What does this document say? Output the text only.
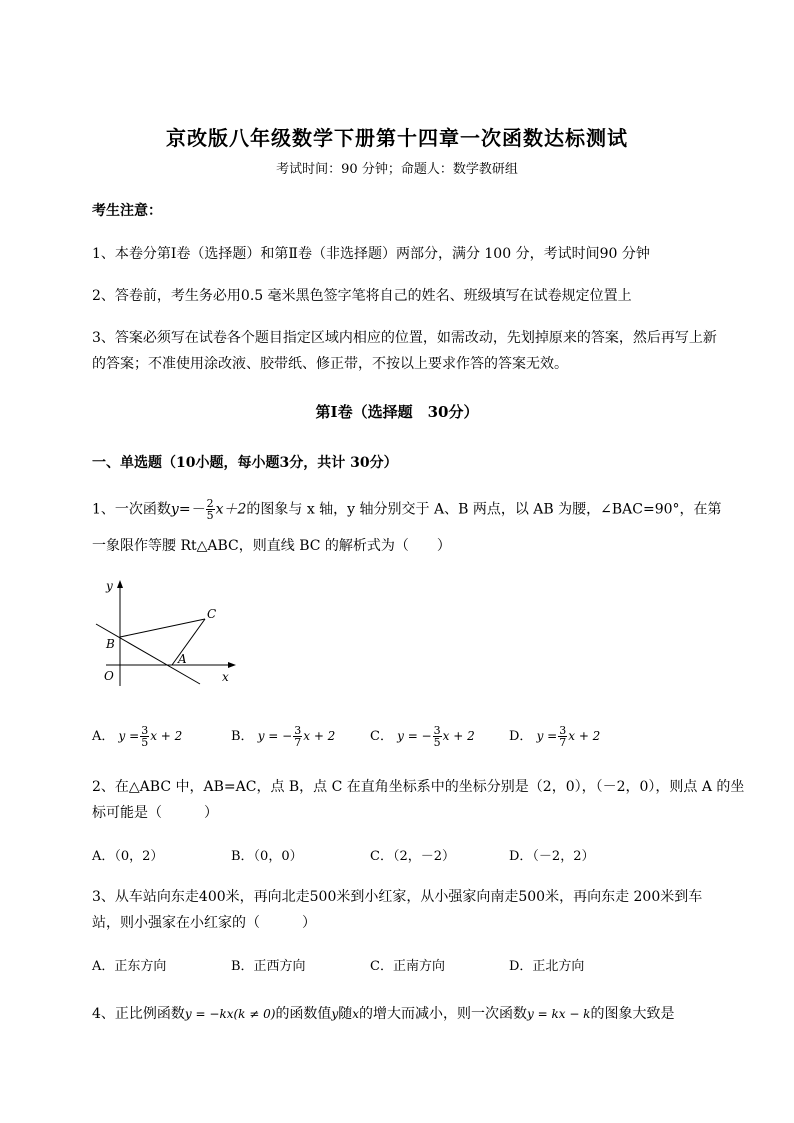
京改版八年级数学下册第十四章一次函数达标测试
考试时间：90 分钟；命题人：数学教研组
考生注意：
1、本卷分第Ⅰ卷（选择题）和第Ⅱ卷（非选择题）两部分，满分 100 分，考试时间90 分钟
2、答卷前，考生务必用0.5 毫米黑色签字笔将自己的姓名、班级填写在试卷规定位置上
3、答案必须写在试卷各个题目指定区域内相应的位置，如需改动，先划掉原来的答案，然后再写上新
的答案；不准使用涂改液、胶带纸、修正带，不按以上要求作答的答案无效。
第Ⅰ卷（选择题　30分）
一、单选题（10小题，每小题3分，共计 30分）
1、一次函数$y=- \frac{2}{5} x+2$的图象与 x 轴，y 轴分别交于 A、B 两点，以 AB 为腰，∠BAC=90°，在第
一象限作等腰 Rt△ABC，则直线 BC 的解析式为（　　）
y
x
O
B
A
C
A． $y = \frac{3}{5}$ x + 2	B． y = − $\frac{3}{7}$ x + 2	C． y = − $\frac{3}{5}$ x + 2	D． $y = \frac{3}{7}$ x + 2
2、在△ABC 中，AB=AC，点 B，点 C 在直角坐标系中的坐标分别是（2，0），（－2，0），则点 A 的坐
标可能是（　　　）
A．（0，2）	B．（0，0）	C．（2，－2）	D．（－2，2）
3、从车站向东走400米，再向北走500米到小红家，从小强家向南走500米，再向东走 200米到车
站，则小强家在小红家的（　　　）
A．正东方向	B．正西方向	C．正南方向	D．正北方向
4、正比例函数y = −kx(k ≠ 0)的函数值y随x的增大而减小，则一次函数y = kx − k的图象大致是
